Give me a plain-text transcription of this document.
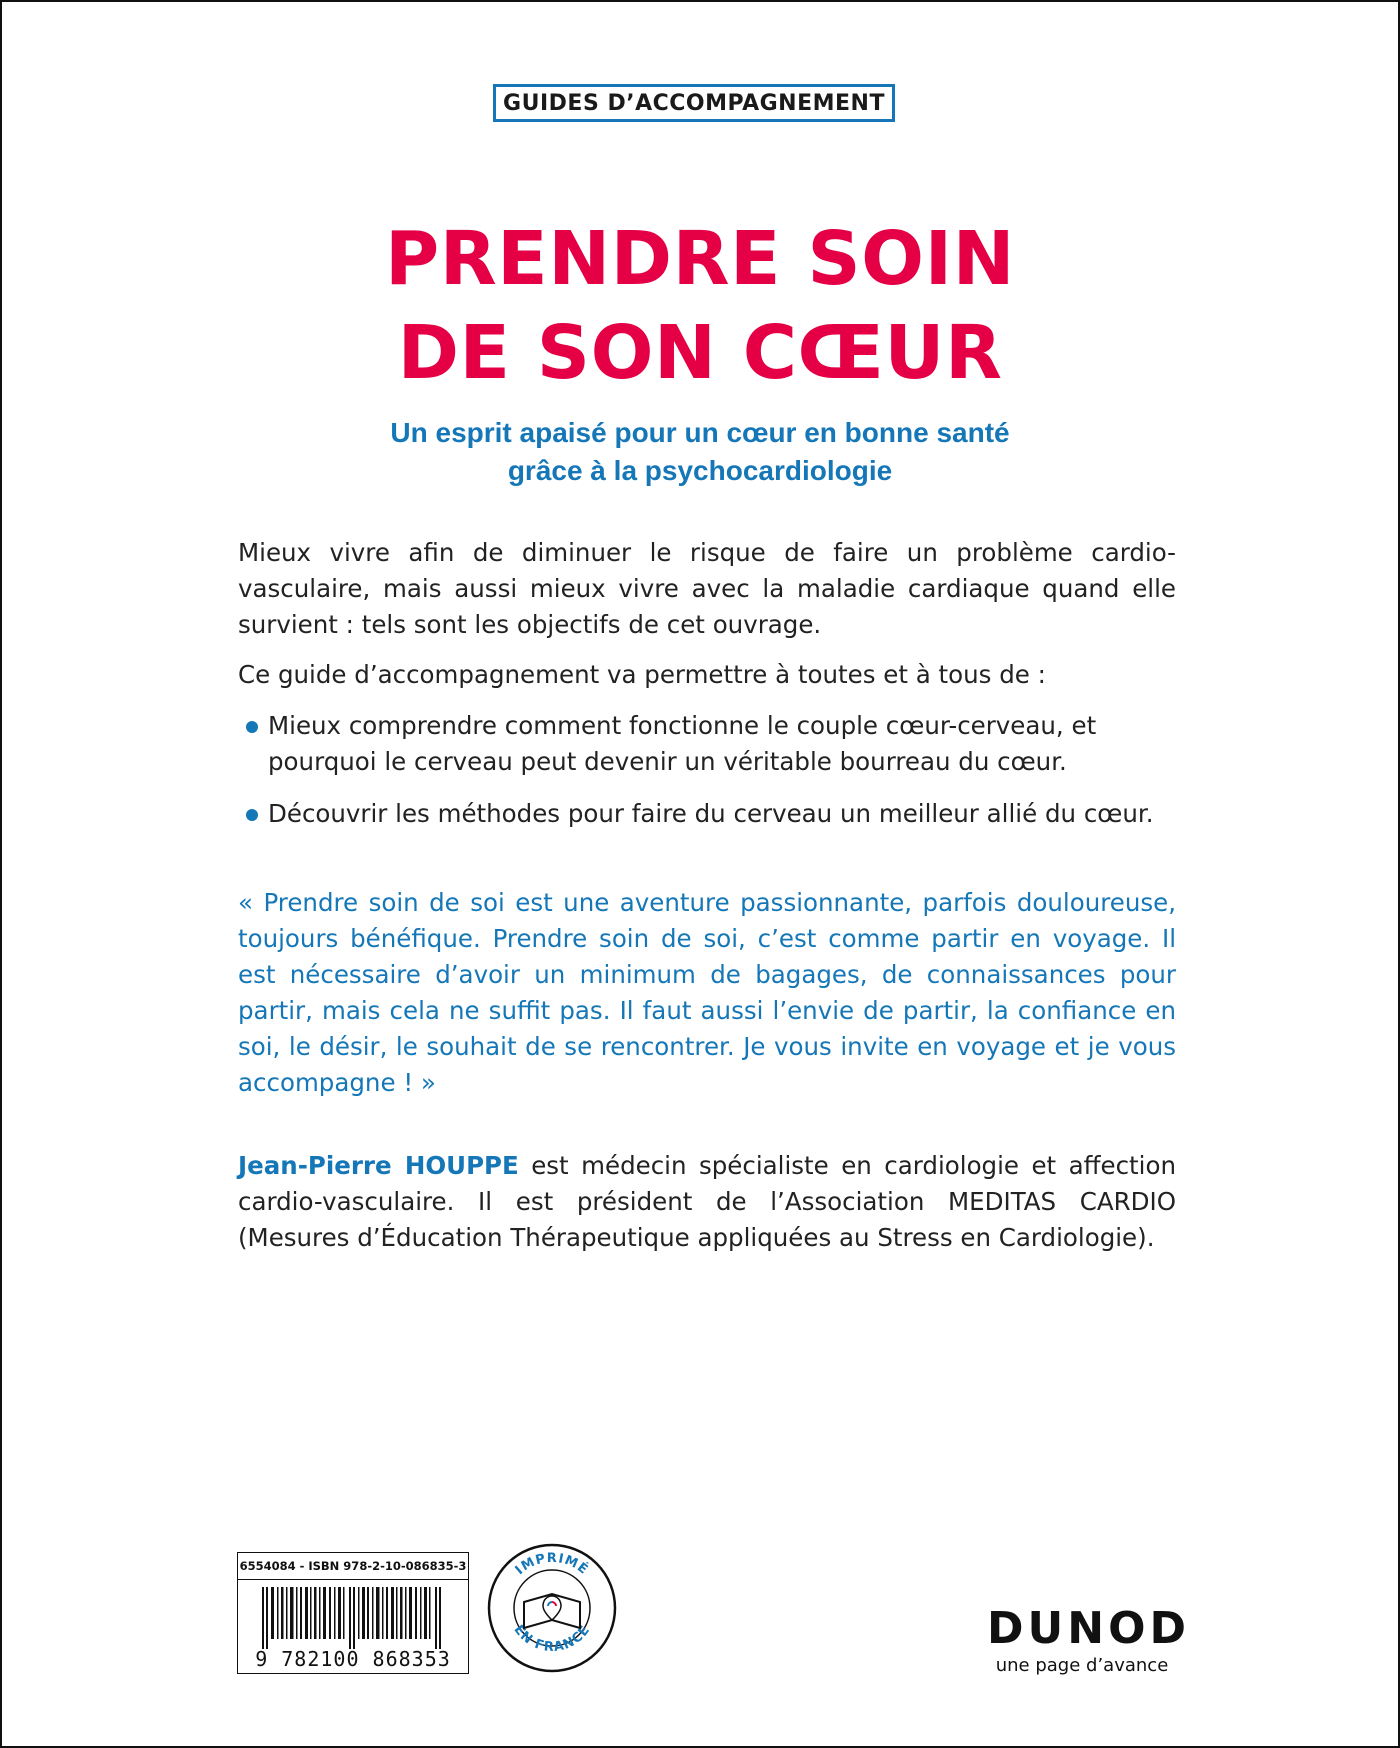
GUIDES D’ACCOMPAGNEMENT
PRENDRE SOIN
DE SON CŒUR
Un esprit apaisé pour un cœur en bonne santé
grâce à la psychocardiologie

Mieux vivre afin de diminuer le risque de faire un problème cardio-vasculaire, mais aussi mieux vivre avec la maladie cardiaque quand elle survient : tels sont les objectifs de cet ouvrage.

Ce guide d’accompagnement va permettre à toutes et à tous de :

Mieux comprendre comment fonctionne le couple cœur-cerveau, et pourquoi le cerveau peut devenir un véritable bourreau du cœur.
Découvrir les méthodes pour faire du cerveau un meilleur allié du cœur.

« Prendre soin de soi est une aventure passionnante, parfois douloureuse, toujours bénéfique. Prendre soin de soi, c’est comme partir en voyage. Il est nécessaire d’avoir un minimum de bagages, de connaissances pour partir, mais cela ne suffit pas. Il faut aussi l’envie de partir, la confiance en soi, le désir, le souhait de se rencontrer. Je vous invite en voyage et je vous accompagne ! »

Jean-Pierre HOUPPE est médecin spécialiste en cardiologie et affection cardio-vasculaire. Il est président de l’Association MEDITAS CARDIO (Mesures d’Éducation Thérapeutique appliquées au Stress en Cardiologie).

6554084 - ISBN 978-2-10-086835-3
9 782100 868353
IMPRIMÉ
EN FRANCE	DUNOD
une page d’avance
